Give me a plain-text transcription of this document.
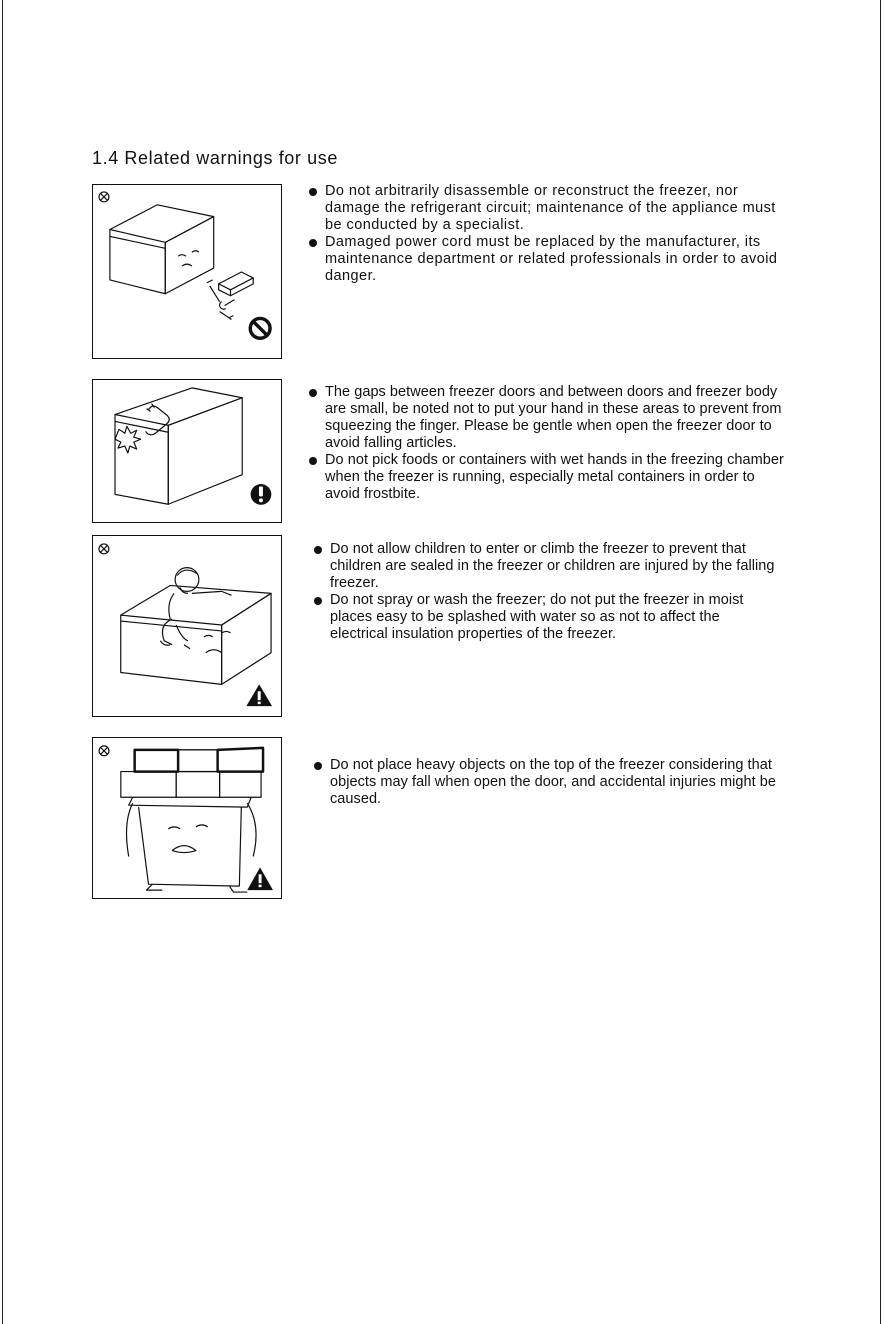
1.4 Related warnings for use
Do not arbitrarily disassemble or reconstruct the freezer, nor damage the refrigerant circuit; maintenance of the appliance must be conducted by a specialist.
Damaged power cord must be replaced by the manufacturer, its maintenance department or related professionals in order to avoid danger.
The gaps between freezer doors and between doors and freezer body are small, be noted not to put your hand in these areas to prevent from squeezing the finger. Please be gentle when open the freezer door to avoid falling articles.
Do not pick foods or containers with wet hands in the freezing chamber when the freezer is running, especially metal containers in order to avoid frostbite.
Do not allow children to enter or climb the freezer to prevent that children are sealed in the freezer or children are injured by the falling freezer.
Do not spray or wash the freezer; do not put the freezer in moist places easy to be splashed with water so as not to affect the electrical insulation properties of the freezer.
Do not place heavy objects on the top of the freezer considering that objects may fall when open the door, and accidental injuries might be caused.
